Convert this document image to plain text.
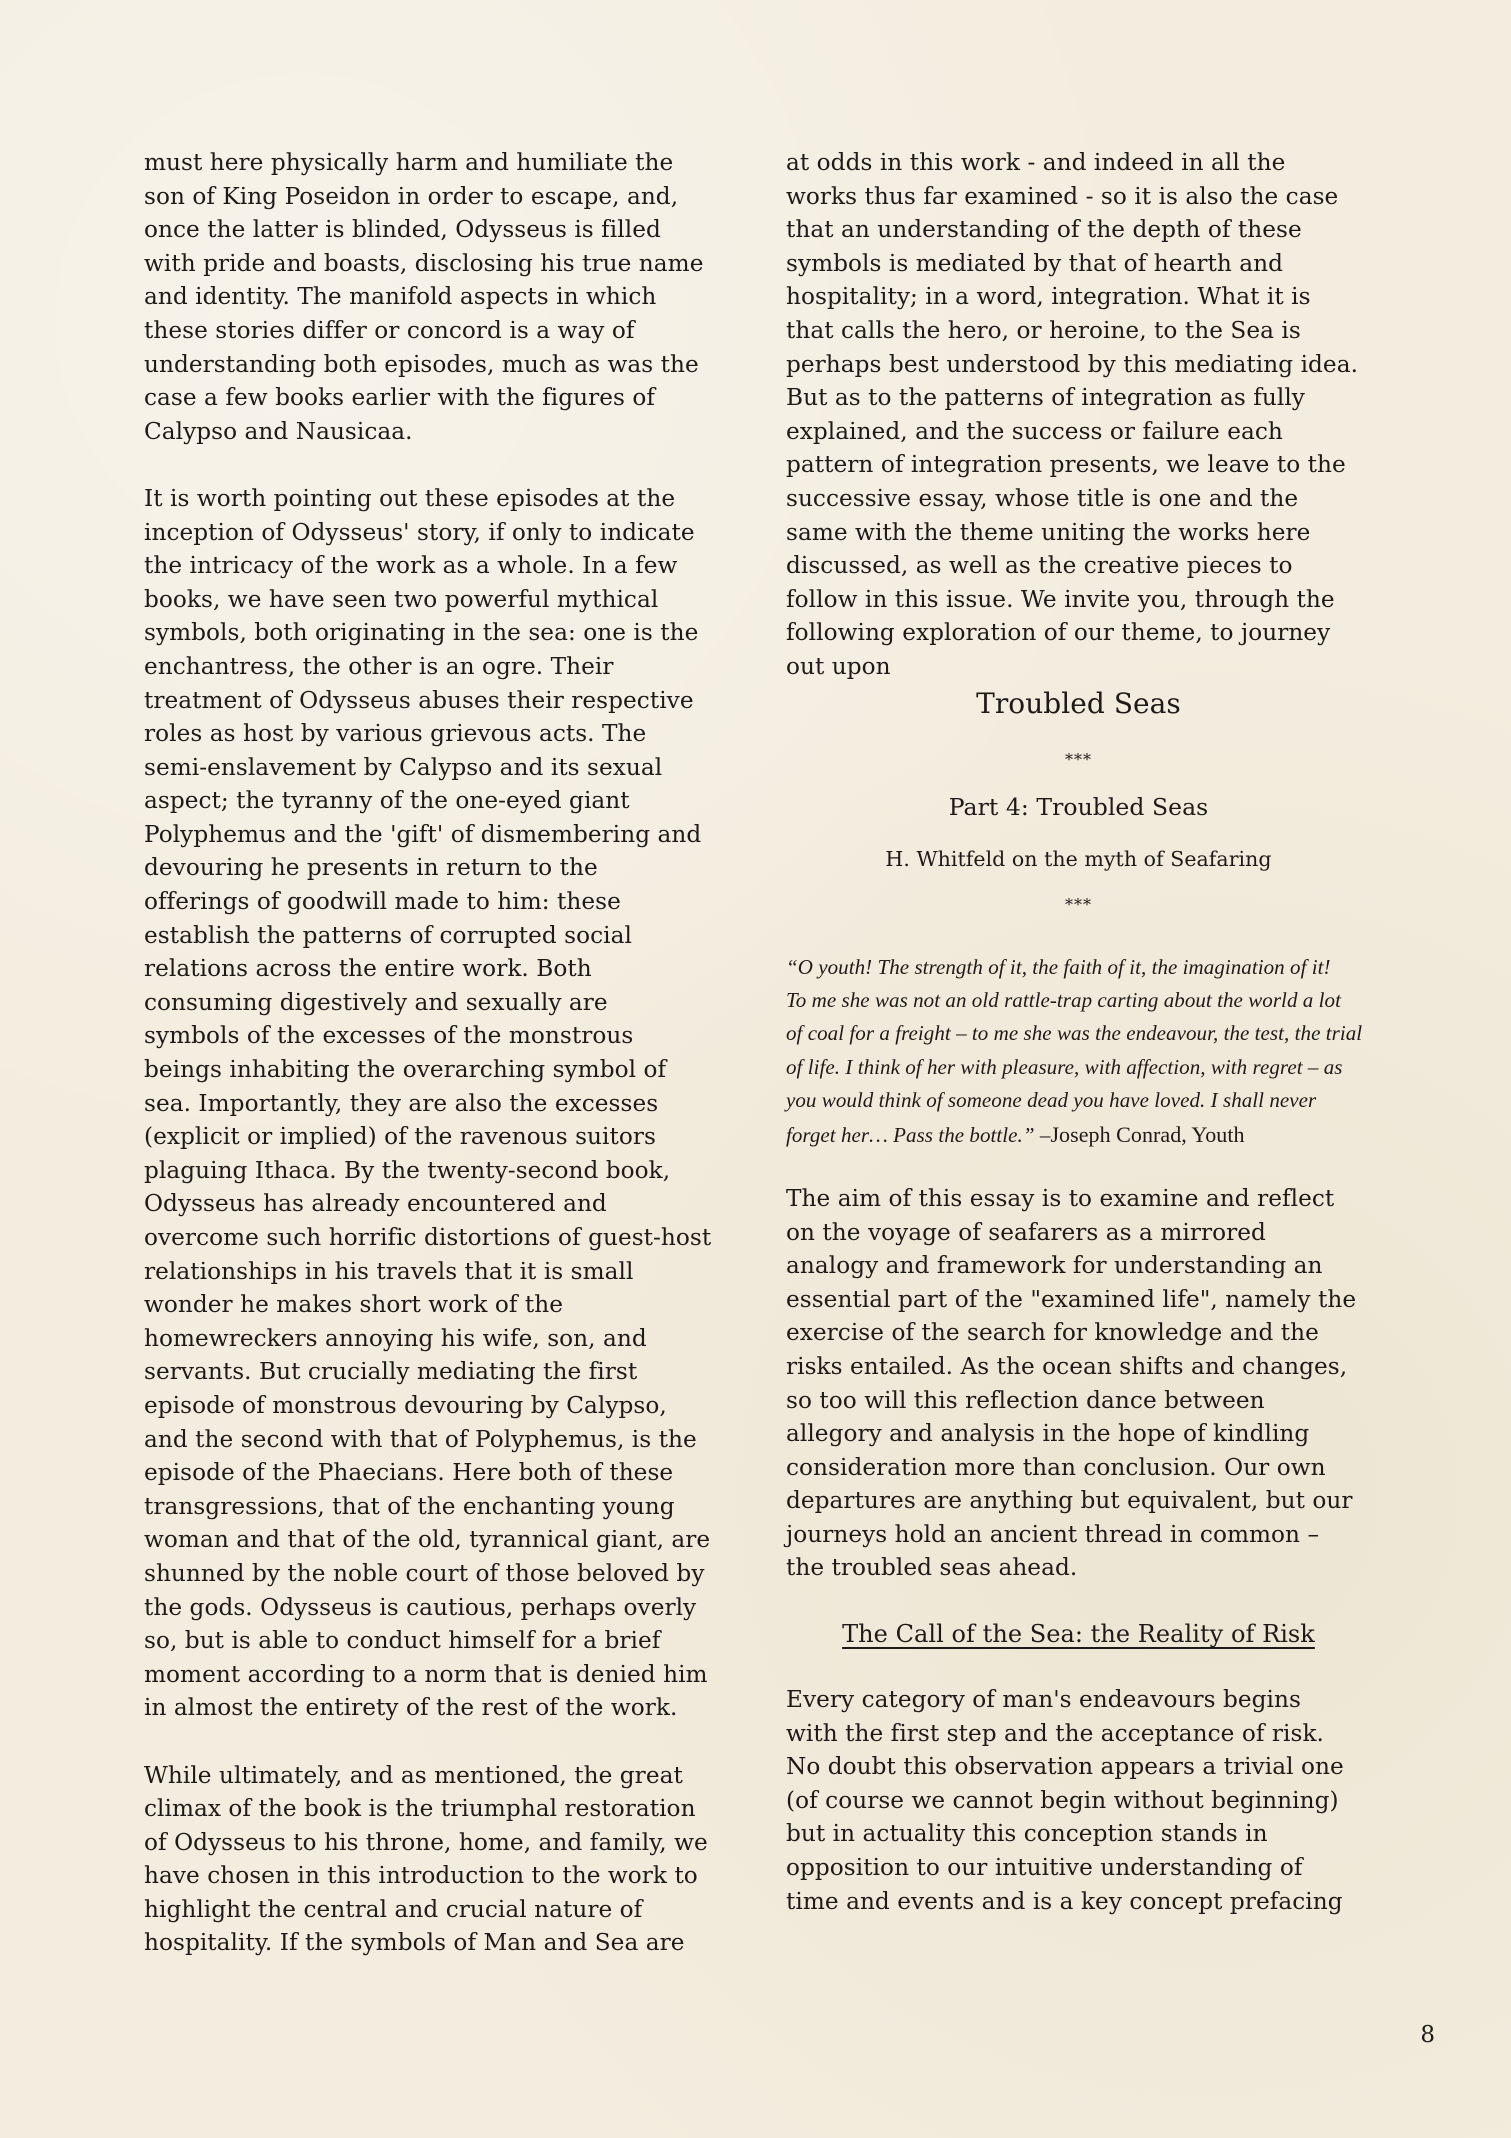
must here physically harm and humiliate the

son of King Poseidon in order to escape, and,

once the latter is blinded, Odysseus is filled

with pride and boasts, disclosing his true name

and identity. The manifold aspects in which

these stories differ or concord is a way of

understanding both episodes, much as was the

case a few books earlier with the figures of

Calypso and Nausicaa.

It is worth pointing out these episodes at the

inception of Odysseus' story, if only to indicate

the intricacy of the work as a whole. In a few

books, we have seen two powerful mythical

symbols, both originating in the sea: one is the

enchantress, the other is an ogre. Their

treatment of Odysseus abuses their respective

roles as host by various grievous acts. The

semi-enslavement by Calypso and its sexual

aspect; the tyranny of the one-eyed giant

Polyphemus and the 'gift' of dismembering and

devouring he presents in return to the

offerings of goodwill made to him: these

establish the patterns of corrupted social

relations across the entire work. Both

consuming digestively and sexually are

symbols of the excesses of the monstrous

beings inhabiting the overarching symbol of

sea. Importantly, they are also the excesses

(explicit or implied) of the ravenous suitors

plaguing Ithaca. By the twenty-second book,

Odysseus has already encountered and

overcome such horrific distortions of guest-host

relationships in his travels that it is small

wonder he makes short work of the

homewreckers annoying his wife, son, and

servants. But crucially mediating the first

episode of monstrous devouring by Calypso,

and the second with that of Polyphemus, is the

episode of the Phaecians. Here both of these

transgressions, that of the enchanting young

woman and that of the old, tyrannical giant, are

shunned by the noble court of those beloved by

the gods. Odysseus is cautious, perhaps overly

so, but is able to conduct himself for a brief

moment according to a norm that is denied him

in almost the entirety of the rest of the work.

While ultimately, and as mentioned, the great

climax of the book is the triumphal restoration

of Odysseus to his throne, home, and family, we

have chosen in this introduction to the work to

highlight the central and crucial nature of

hospitality. If the symbols of Man and Sea are

at odds in this work - and indeed in all the

works thus far examined - so it is also the case

that an understanding of the depth of these

symbols is mediated by that of hearth and

hospitality; in a word, integration. What it is

that calls the hero, or heroine, to the Sea is

perhaps best understood by this mediating idea.

But as to the patterns of integration as fully

explained, and the success or failure each

pattern of integration presents, we leave to the

successive essay, whose title is one and the

same with the theme uniting the works here

discussed, as well as the creative pieces to

follow in this issue. We invite you, through the

following exploration of our theme, to journey

out upon

Troubled Seas
***
Part 4: Troubled Seas
H. Whitfeld on the myth of Seafaring
***

“O youth! The strength of it, the faith of it, the imagination of it!

To me she was not an old rattle-trap carting about the world a lot

of coal for a freight – to me she was the endeavour, the test, the trial

of life. I think of her with pleasure, with affection, with regret – as

you would think of someone dead you have loved. I shall never

forget her… Pass the bottle.” –Joseph Conrad, Youth

The aim of this essay is to examine and reflect

on the voyage of seafarers as a mirrored

analogy and framework for understanding an

essential part of the "examined life", namely the

exercise of the search for knowledge and the

risks entailed. As the ocean shifts and changes,

so too will this reflection dance between

allegory and analysis in the hope of kindling

consideration more than conclusion. Our own

departures are anything but equivalent, but our

journeys hold an ancient thread in common –

the troubled seas ahead.

The Call of the Sea: the Reality of Risk

Every category of man's endeavours begins

with the first step and the acceptance of risk.

No doubt this observation appears a trivial one

(of course we cannot begin without beginning)

but in actuality this conception stands in

opposition to our intuitive understanding of

time and events and is a key concept prefacing

8
